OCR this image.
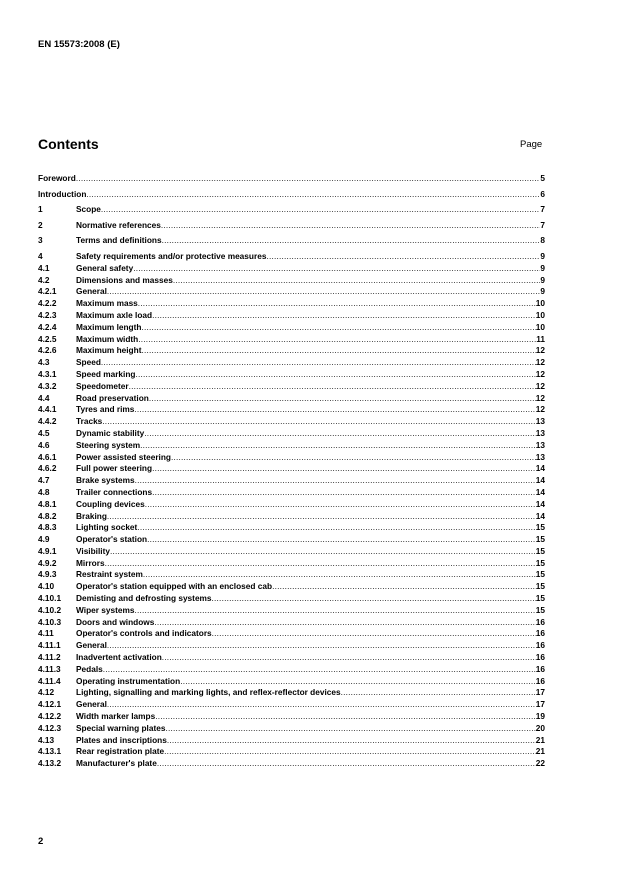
EN 15573:2008 (E)
Contents	Page
Foreword .....	5
Introduction .....	6
1	Scope .....	7
2	Normative references .....	7
3	Terms and definitions .....	8
4	Safety requirements and/or protective measures .....	9
4.1	General safety .....	9
4.2	Dimensions and masses .....	9
4.2.1	General .....	9
4.2.2	Maximum mass .....	10
4.2.3	Maximum axle load .....	10
4.2.4	Maximum length .....	10
4.2.5	Maximum width .....	11
4.2.6	Maximum height .....	12
4.3	Speed .....	12
4.3.1	Speed marking .....	12
4.3.2	Speedometer .....	12
4.4	Road preservation .....	12
4.4.1	Tyres and rims .....	12
4.4.2	Tracks .....	13
4.5	Dynamic stability .....	13
4.6	Steering system .....	13
4.6.1	Power assisted steering .....	13
4.6.2	Full power steering .....	14
4.7	Brake systems .....	14
4.8	Trailer connections .....	14
4.8.1	Coupling devices .....	14
4.8.2	Braking .....	14
4.8.3	Lighting socket .....	15
4.9	Operator's station .....	15
4.9.1	Visibility .....	15
4.9.2	Mirrors .....	15
4.9.3	Restraint system .....	15
4.10	Operator's station equipped with an enclosed cab .....	15
4.10.1	Demisting and defrosting systems .....	15
4.10.2	Wiper systems .....	15
4.10.3	Doors and windows .....	16
4.11	Operator's controls and indicators .....	16
4.11.1	General .....	16
4.11.2	Inadvertent activation .....	16
4.11.3	Pedals .....	16
4.11.4	Operating instrumentation .....	16
4.12	Lighting, signalling and marking lights, and reflex-reflector devices .....	17
4.12.1	General .....	17
4.12.2	Width marker lamps .....	19
4.12.3	Special warning plates .....	20
4.13	Plates and inscriptions .....	21
4.13.1	Rear registration plate .....	21
4.13.2	Manufacturer's plate .....	22
2
